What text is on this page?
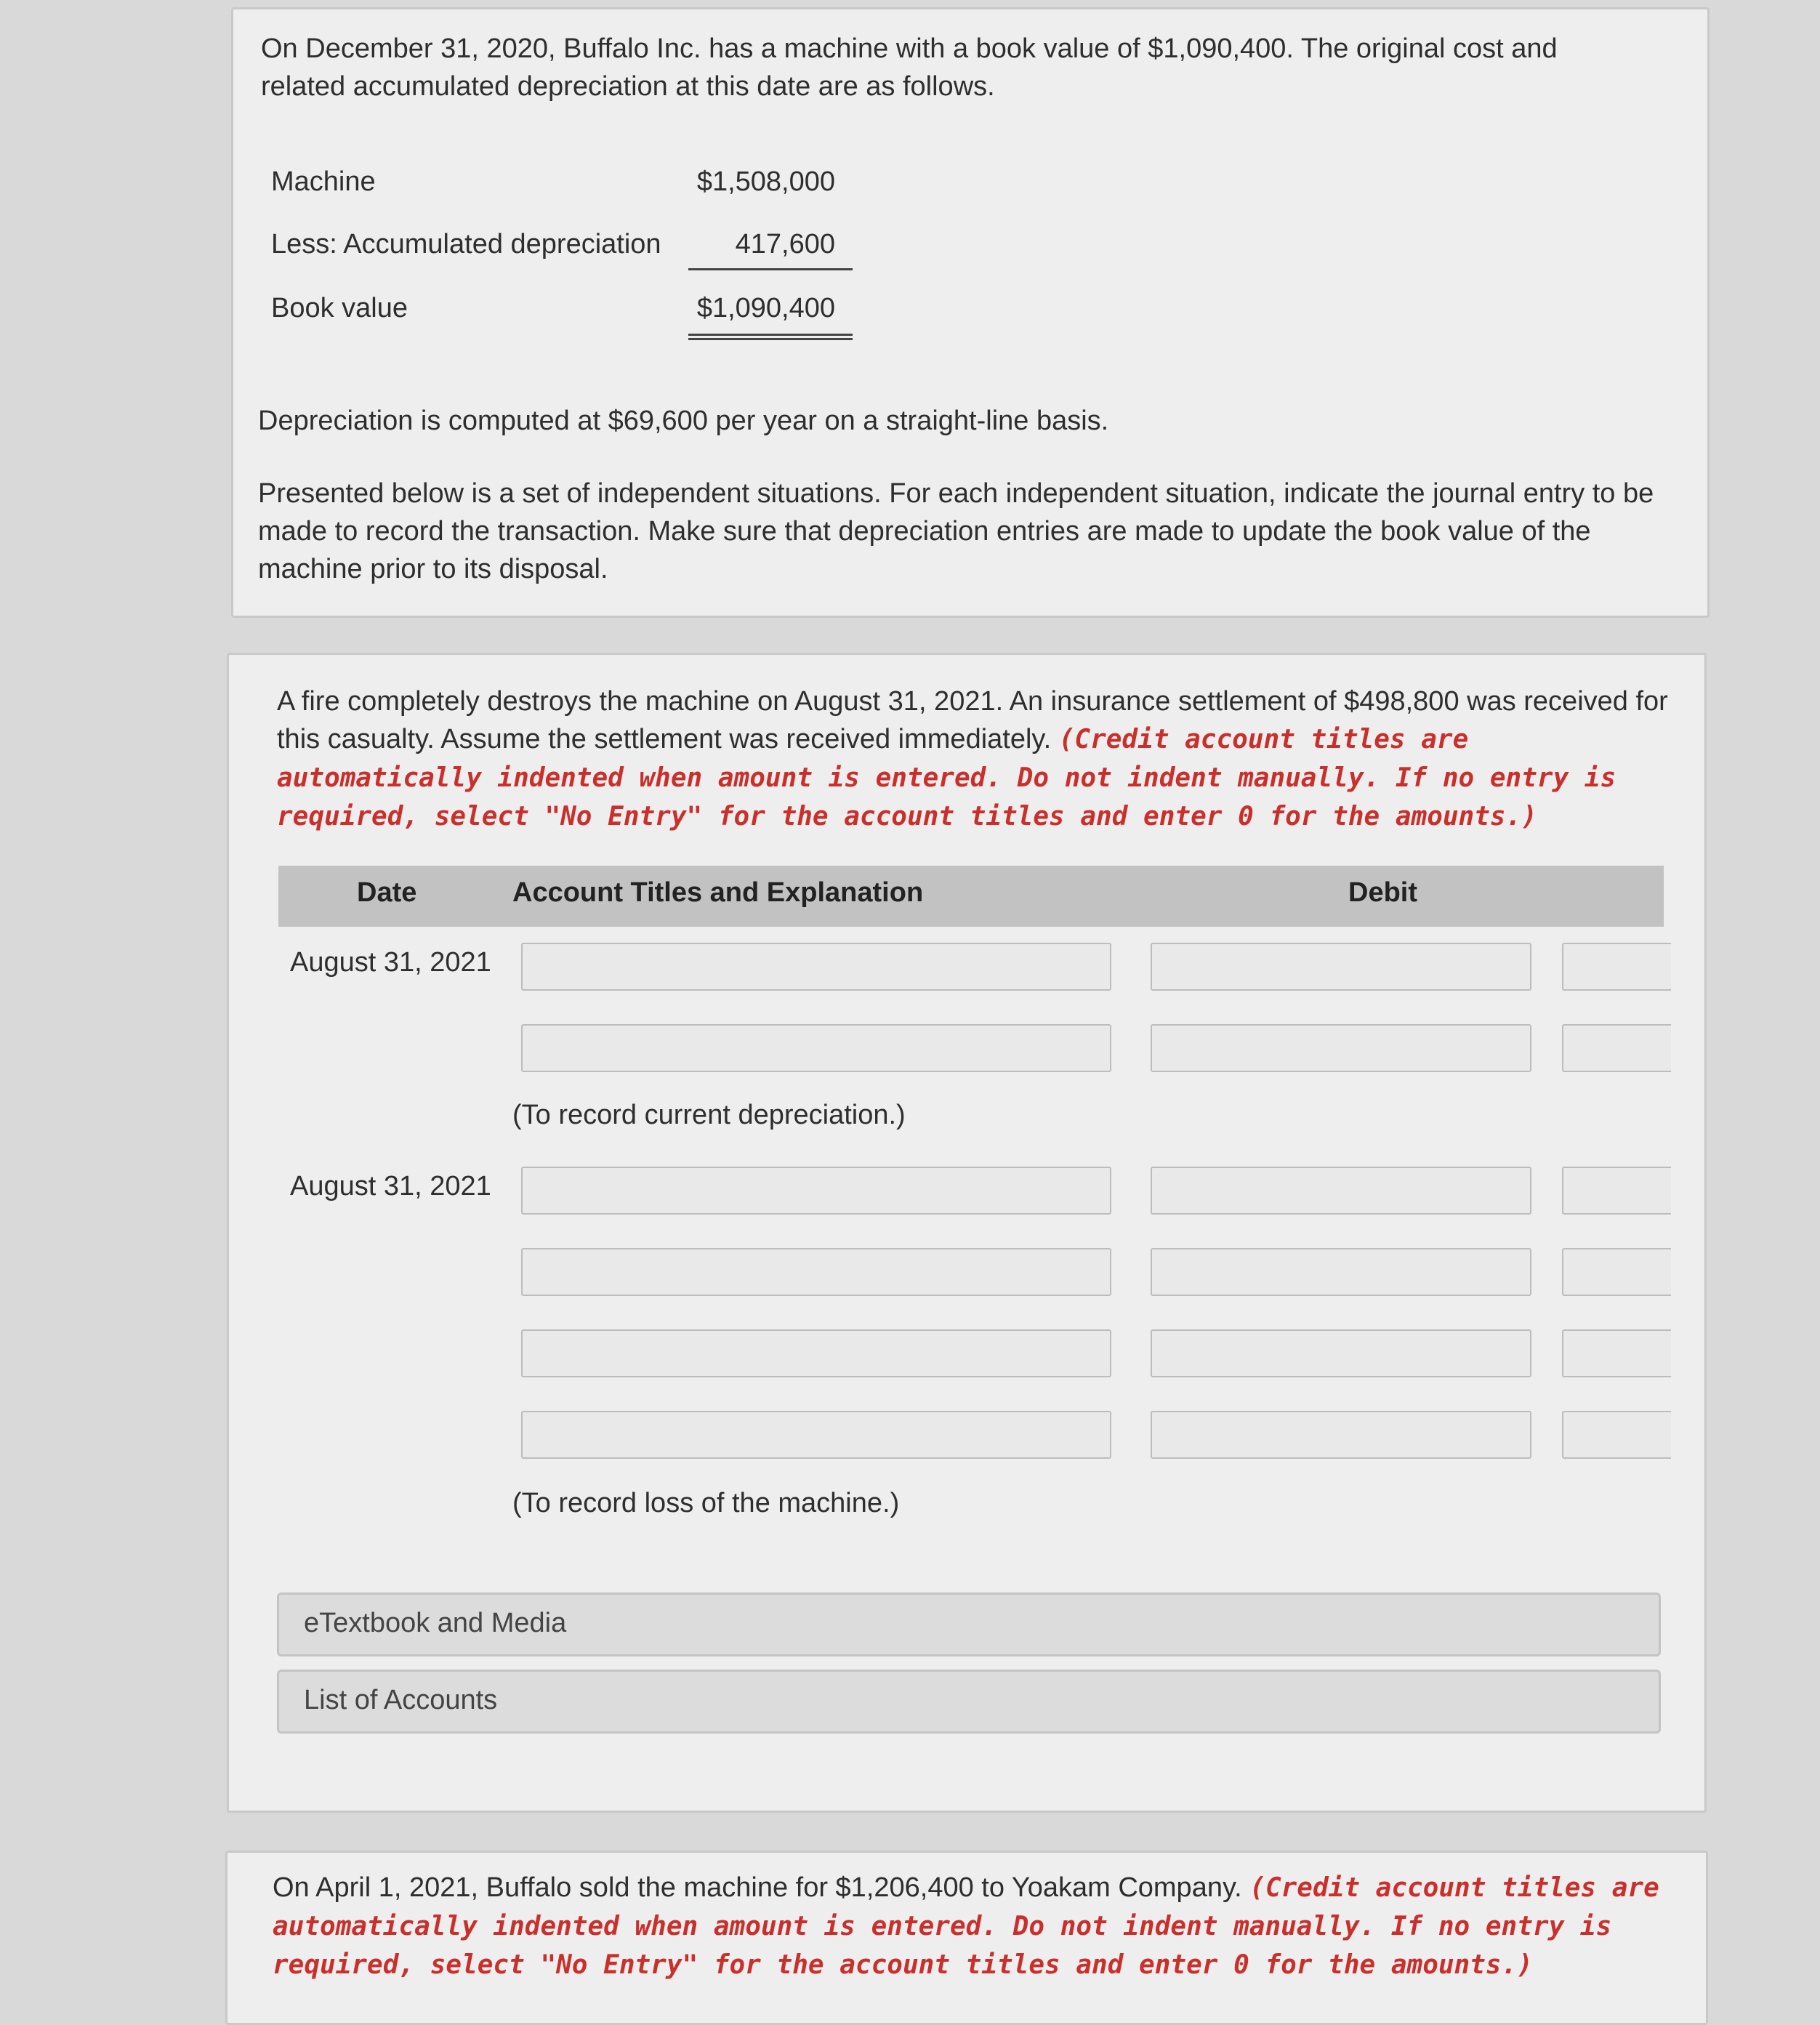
On December 31, 2020, Buffalo Inc. has a machine with a book value of $1,090,400. The original cost and related accumulated depreciation at this date are as follows.
Machine	$1,508,000
Less: Accumulated depreciation	417,600
Book value	$1,090,400
Depreciation is computed at $69,600 per year on a straight-line basis.
Presented below is a set of independent situations. For each independent situation, indicate the journal entry to be made to record the transaction. Make sure that depreciation entries are made to update the book value of the machine prior to its disposal.
A fire completely destroys the machine on August 31, 2021. An insurance settlement of $498,800 was received for this casualty. Assume the settlement was received immediately. (Credit account titles are automatically indented when amount is entered. Do not indent manually. If no entry is required, select "No Entry" for the account titles and enter 0 for the amounts.)
Date	Account Titles and Explanation	Debit
August 31, 2021
(To record current depreciation.)
August 31, 2021
(To record loss of the machine.)
eTextbook and Media
List of Accounts
On April 1, 2021, Buffalo sold the machine for $1,206,400 to Yoakam Company. (Credit account titles are automatically indented when amount is entered. Do not indent manually. If no entry is required, select "No Entry" for the account titles and enter 0 for the amounts.)
